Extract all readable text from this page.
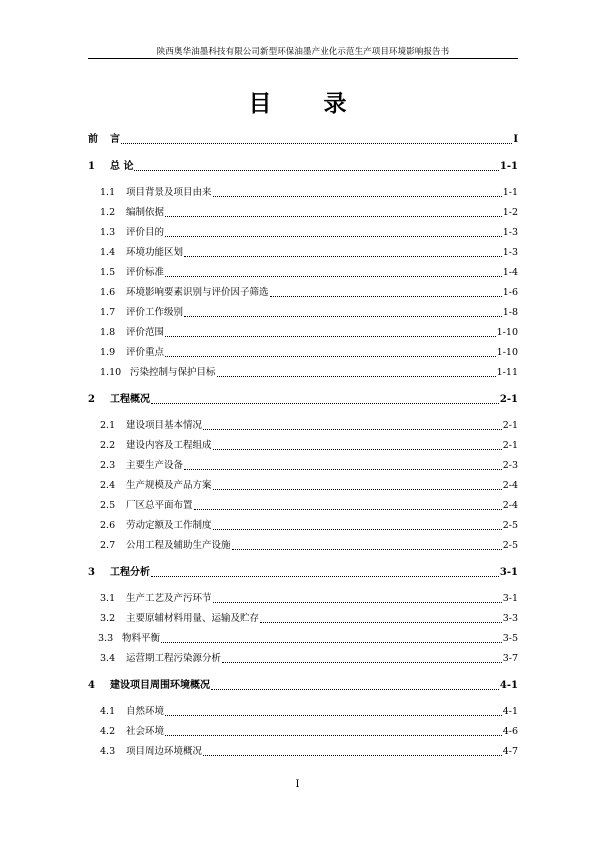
陕西奥华油墨科技有限公司新型环保油墨产业化示范生产项目环境影响报告书
目 录
前	言	I
1	总 论	1-1
1.1	项目背景及项目由来	1-1
1.2	编制依据	1-2
1.3	评价目的	1-3
1.4	环境功能区划	1-3
1.5	评价标准	1-4
1.6	环境影响要素识别与评价因子筛选	1-6
1.7	评价工作级别	1-8
1.8	评价范围	1-10
1.9	评价重点	1-10
1.10 污染控制与保护目标	1-11
2	工程概况	2-1
2.1	建设项目基本情况	2-1
2.2	建设内容及工程组成	2-1
2.3	主要生产设备	2-3
2.4	生产规模及产品方案	2-4
2.5	厂区总平面布置	2-4
2.6	劳动定额及工作制度	2-5
2.7	公用工程及辅助生产设施	2-5
3	工程分析	3-1
3.1	生产工艺及产污环节	3-1
3.2	主要原辅材料用量、运输及贮存	3-3
3.3 物料平衡	3-5
3.4	运营期工程污染源分析	3-7
4	建设项目周围环境概况	4-1
4.1	自然环境	4-1
4.2	社会环境	4-6
4.3	项目周边环境概况	4-7
I
